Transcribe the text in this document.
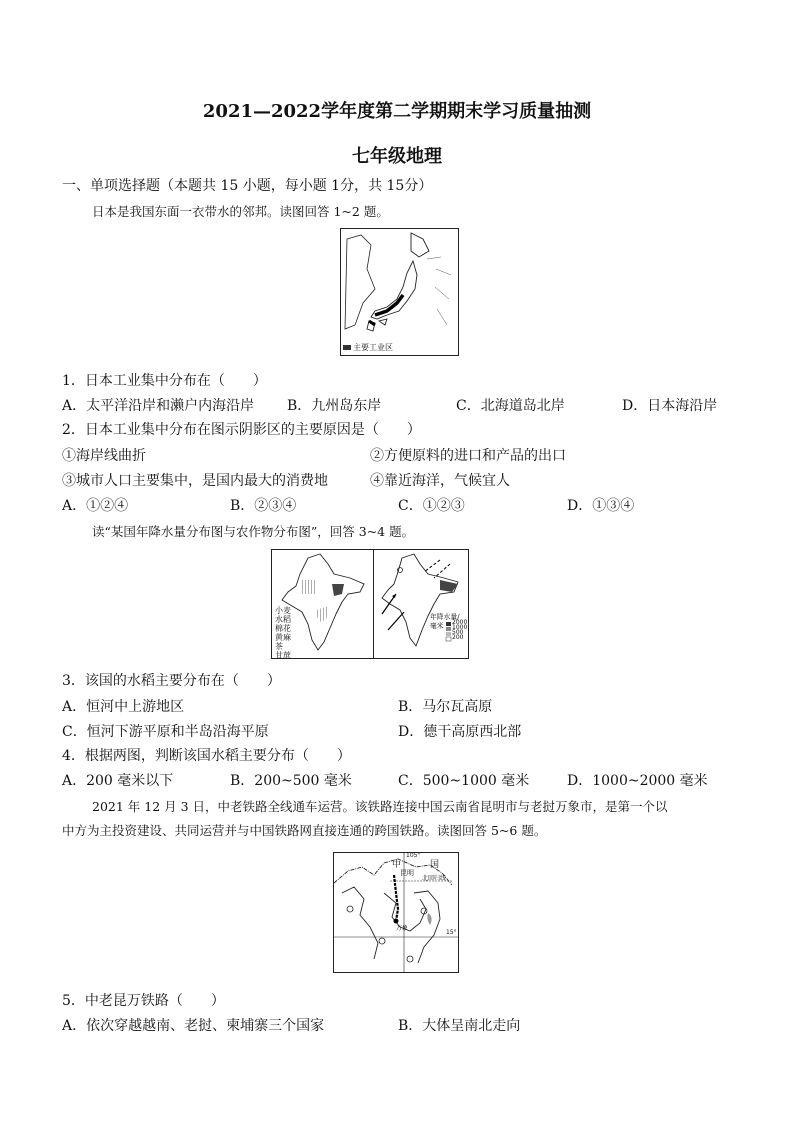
2021—2022学年度第二学期期末学习质量抽测
七年级地理
一、单项选择题（本题共 15 小题，每小题 1分，共 15分）
日本是我国东面一衣带水的邻邦。读图回答 1~2 题。
主要工业区
1．日本工业集中分布在（　　）
A．太平洋沿岸和濑户内海沿岸 B．九州岛东岸	C．北海道岛北岸	D．日本海沿岸
2．日本工业集中分布在图示阴影区的主要原因是（　　）
①海岸线曲折	②方便原料的进口和产品的出口
③城市人口主要集中，是国内最大的消费地	④靠近海洋，气候宜人
A．①②④	B．②③④	C．①②③	D．①③④
读“某国年降水量分布图与农作物分布图”，回答 3~4 题。
小麦
水稻
棉花
黄麻
茶
甘蔗
年降水量/毫米	2000
1000
500
200
3．该国的水稻主要分布在（　　）
A．恒河中上游地区	B．马尔瓦高原
C．恒河下游平原和半岛沿海平原	D．德干高原西北部
4．根据两图，判断该国水稻主要分布（　　）
A．200 毫米以下	B．200~500 毫米	C．500~1000 毫米	D．1000~2000 毫米
2021 年 12 月 3 日，中老铁路全线通车运营。该铁路连接中国云南省昆明市与老挝万象市，是第一个以
中方为主投资建设、共同运营并与中国铁路网直接连通的跨国铁路。读图回答 5~6 题。
中	国
105°
昆明
北回归线
万象
15°
5．中老昆万铁路（　　）
A．依次穿越越南、老挝、柬埔寨三个国家	B．大体呈南北走向
